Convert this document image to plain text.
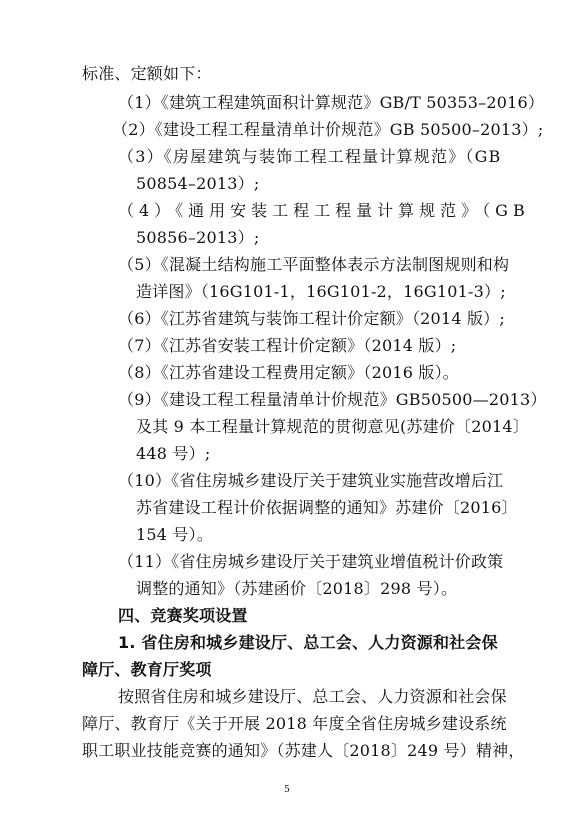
标准、定额如下：
（1）《建筑工程建筑面积计算规范》GB/T 50353–2016）
（2）《建设工程工程量清单计价规范》GB 50500–2013）;
（3）《房屋建筑与装饰工程工程量计算规范》（GB
50854–2013）;
（4）《通用安装工程工程量计算规范》（GB
50856–2013）;
（5）《混凝土结构施工平面整体表示方法制图规则和构
造详图》（16G101-1，16G101-2，16G101-3）;
（6）《江苏省建筑与装饰工程计价定额》（2014 版）;
（7）《江苏省安装工程计价定额》（2014 版）;
（8）《江苏省建设工程费用定额》（2016 版）。
（9）《建设工程工程量清单计价规范》GB50500—2013）
及其 9 本工程量计算规范的贯彻意见(苏建价〔2014〕
448 号）;
（10）《省住房城乡建设厅关于建筑业实施营改增后江
苏省建设工程计价依据调整的通知》苏建价〔2016〕
154 号）。
（11）《省住房城乡建设厅关于建筑业增值税计价政策
调整的通知》（苏建函价〔2018〕298 号）。
四、竞赛奖项设置
1. 省住房和城乡建设厅、总工会、人力资源和社会保
障厅、教育厅奖项
按照省住房和城乡建设厅、总工会、人力资源和社会保
障厅、教育厅《关于开展 2018 年度全省住房城乡建设系统
职工职业技能竞赛的通知》（苏建人〔2018〕249 号）精神，
5
